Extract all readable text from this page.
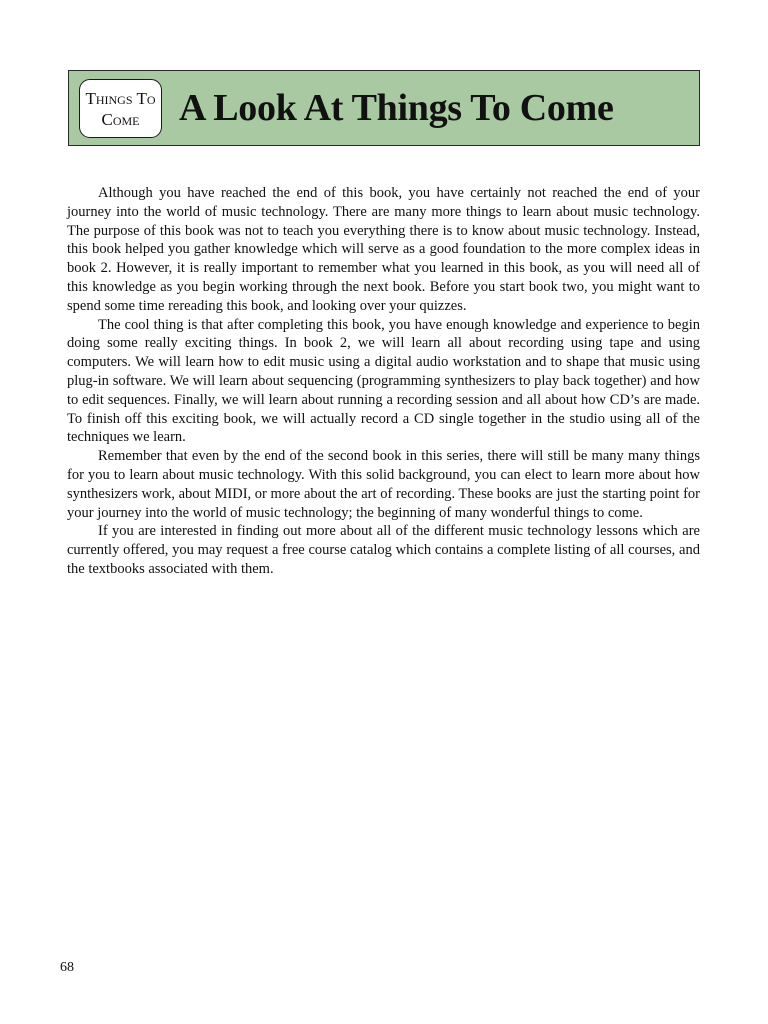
Things To
Come A Look At Things To Come

Although you have reached the end of this book, you have certainly not reached the end of your journey into the world of music technology. There are many more things to learn about music technology. The purpose of this book was not to teach you everything there is to know about music technology. Instead, this book helped you gather knowledge which will serve as a good foundation to the more complex ideas in book 2. However, it is really important to remember what you learned in this book, as you will need all of this knowledge as you begin working through the next book. Before you start book two, you might want to spend some time rereading this book, and looking over your quizzes.

The cool thing is that after completing this book, you have enough knowledge and experience to begin doing some really exciting things. In book 2, we will learn all about recording using tape and using computers. We will learn how to edit music using a digital audio workstation and to shape that music using plug-in software. We will learn about sequencing (programming synthesizers to play back together) and how to edit sequences. Finally, we will learn about running a recording session and all about how CD’s are made. To finish off this exciting book, we will actually record a CD single together in the studio using all of the techniques we learn.

Remember that even by the end of the second book in this series, there will still be many many things for you to learn about music technology. With this solid background, you can elect to learn more about how synthesizers work, about MIDI, or more about the art of recording. These books are just the starting point for your journey into the world of music technology; the beginning of many wonderful things to come.

If you are interested in finding out more about all of the different music technology lessons which are currently offered, you may request a free course catalog which contains a complete listing of all courses, and the textbooks associated with them.

68
